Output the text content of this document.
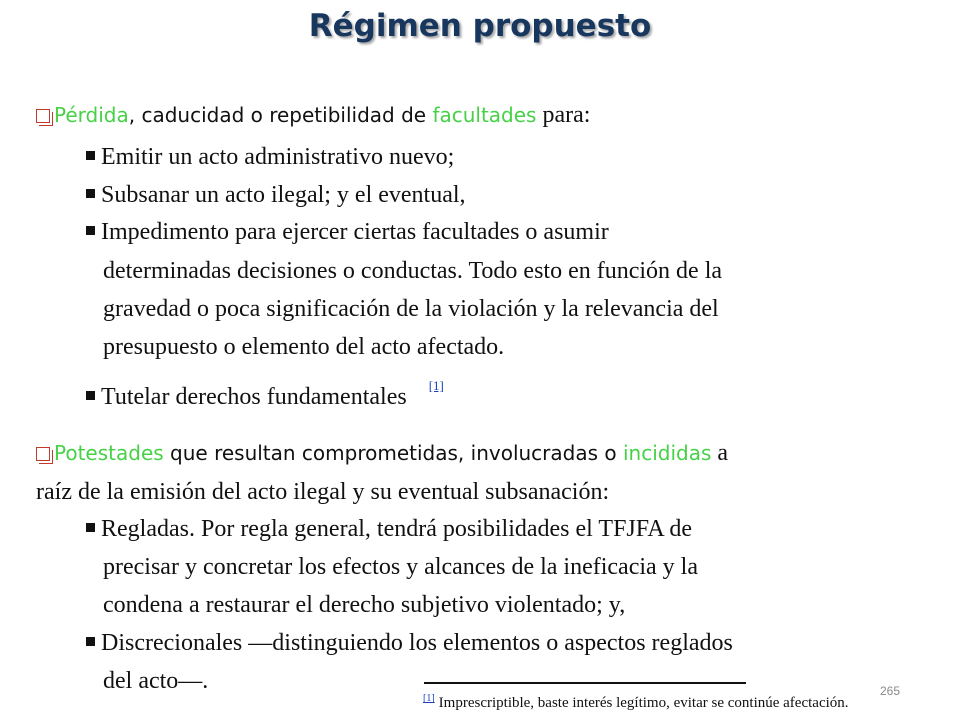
Régimen propuesto
Pérdida, caducidad o repetibilidad de facultades para:
Emitir un acto administrativo nuevo;
Subsanar un acto ilegal; y el eventual,
Impedimento para ejercer ciertas facultades o asumir
determinadas decisiones o conductas. Todo esto en función de la
gravedad o poca significación de la violación y la relevancia del
presupuesto o elemento del acto afectado.
Tutelar derechos fundamentales [1]
Potestades que resultan comprometidas, involucradas o incididas a
raíz de la emisión del acto ilegal y su eventual subsanación:
Regladas. Por regla general, tendrá posibilidades el TFJFA de
precisar y concretar los efectos y alcances de la ineficacia y la
condena a restaurar el derecho subjetivo violentado; y,
Discrecionales —distinguiendo los elementos o aspectos reglados
del acto—.	265
[1] Imprescriptible, baste interés legítimo, evitar se continúe afectación.
